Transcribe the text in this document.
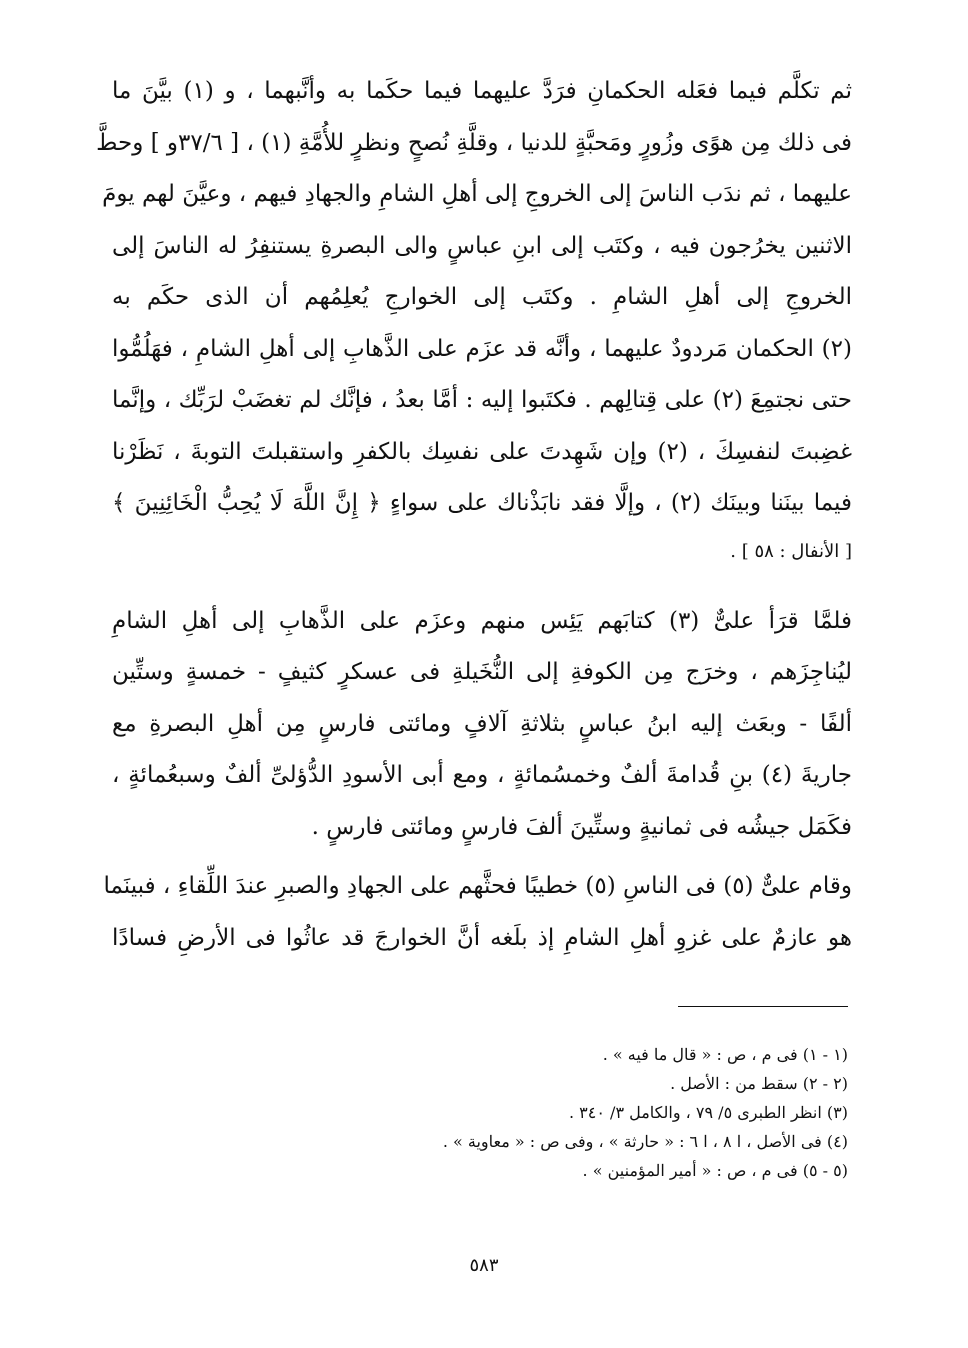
ثم تكلَّم فيما فعَله الحكمانِ فرَدَّ عليهما فيما حكَما به وأنَّبهما ، و (١) بيَّنَ ما
فى ذلك مِن هوًى وزُورٍ ومَحبَّةٍ للدنيا ، وقلَّةِ نُصحٍ ونظرٍ للأُمَّةِ (١) ، [ ٣٧/٦و ] وحطَّ
عليهما ، ثم ندَب الناسَ إلى الخروجِ إلى أهلِ الشامِ والجهادِ فيهم ، وعيَّنَ لهم يومَ
الاثنين يخرُجون فيه ، وكتَب إلى ابنِ عباسٍ والى البصرةِ يستنفِرُ له الناسَ إلى
الخروجِ إلى أهلِ الشامِ . وكتَب إلى الخوارجِ يُعلِمُهم أن الذى حكَم به
(٢) الحكمان مَردودٌ عليهما ، وأنَّه قد عزَم على الذَّهابِ إلى أهلِ الشامِ ، فهَلُمُّوا
حتى نجتمِعَ (٢) على قِتالِهم . فكتَبوا إليه : أمَّا بعدُ ، فإنَّك لم تغضَبْ لرَبِّك ، وإنَّما
غضِبتَ لنفسِكَ ، (٢) وإن شَهِدتَ على نفسِك بالكفرِ واستقبلتَ التوبةَ ، نَظَرْنا
فيما بينَنا وبينَك (٢) ، وإلَّا فقد نابَذْناك على سواءٍ ﴿ إِنَّ اللَّهَ لَا يُحِبُّ الْخَائِنِينَ ﴾
[ الأنفال : ٥٨ ] .
فلمَّا قرَأ علىٌّ (٣) كتابَهم يَئِس منهم وعزَم على الذَّهابِ إلى أهلِ الشامِ
ليُناجِزَهم ، وخرَج مِن الكوفةِ إلى النُّخَيلةِ فى عسكرٍ كثيفٍ - خمسةٍ وستِّين
ألفًا - وبعَث إليه ابنُ عباسٍ بثلاثةِ آلافٍ ومائتى فارسٍ مِن أهلِ البصرةِ مع
جاريةَ (٤) بنِ قُدامةَ ألفٌ وخمسُمائةٍ ، ومع أبى الأسودِ الدُّؤلىِّ ألفٌ وسبعُمائةٍ ،
فكَمَل جيشُه فى ثمانيةٍ وستِّينَ ألفَ فارسٍ ومائتى فارسٍ .
وقام علىٌّ (٥) فى الناسِ (٥) خطيبًا فحثَّهم على الجهادِ والصبرِ عندَ اللِّقاءِ ، فبينَما
هو عازمٌ على غزوِ أهلِ الشامِ إذ بلَغه أنَّ الخوارجَ قد عاثُوا فى الأرضِ فسادًا
(١ - ١) فى م ، ص : « قال ما فيه » .
(٢ - ٢) سقط من : الأصل .
(٣) انظر الطبرى ٥/ ٧٩ ، والكامل ٣/ ٣٤٠ .
(٤) فى الأصل ، ا ٨ ، ا ٦ : « حارثة » ، وفى ص : « معاوية » .
(٥ - ٥) فى م ، ص : « أمير المؤمنين » .
٥٨٣
